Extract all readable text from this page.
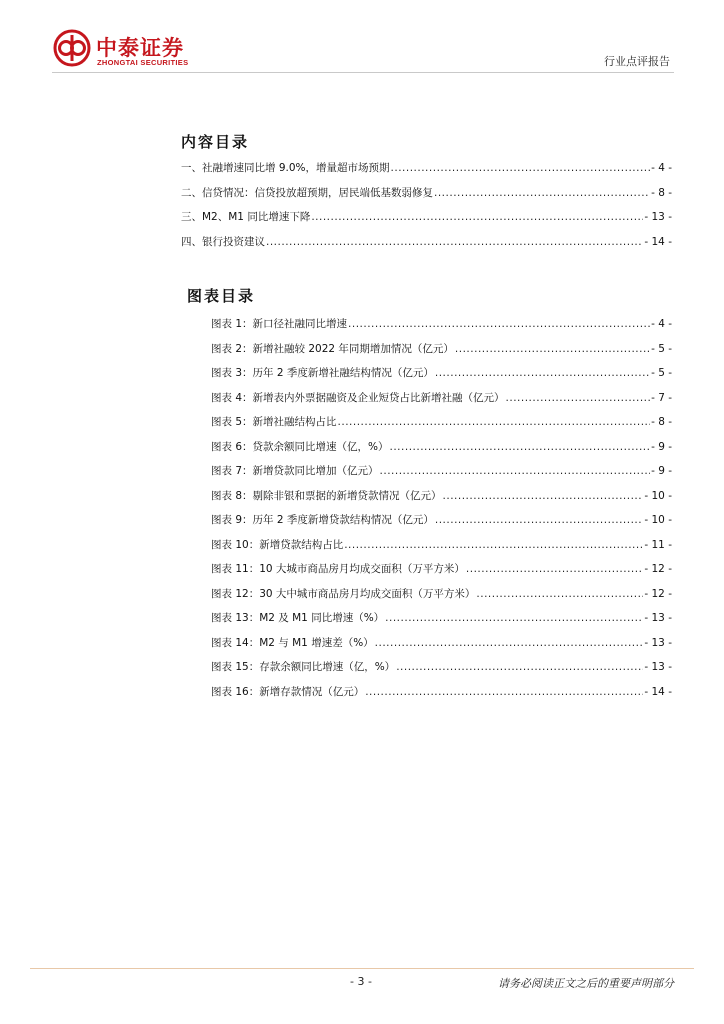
中泰证券
ZHONGTAI SECURITIES	行业点评报告
内容目录
一、社融增速同比增 9.0%，增量超市场预期 .....	- 4 -
二、信贷情况：信贷投放超预期，居民端低基数弱修复 .....	- 8 -
三、M2、M1 同比增速下降 .....	- 13 -
四、银行投资建议 .....	- 14 -
图表目录
图表 1：新口径社融同比增速 .....	- 4 -
图表 2：新增社融较 2022 年同期增加情况（亿元） .....	- 5 -
图表 3：历年 2 季度新增社融结构情况（亿元） .....	- 5 -
图表 4：新增表内外票据融资及企业短贷占比新增社融（亿元） .....	- 7 -
图表 5：新增社融结构占比 .....	- 8 -
图表 6：贷款余额同比增速（亿，%） .....	- 9 -
图表 7：新增贷款同比增加（亿元） .....	- 9 -
图表 8：剔除非银和票据的新增贷款情况（亿元） .....	- 10 -
图表 9：历年 2 季度新增贷款结构情况（亿元） .....	- 10 -
图表 10：新增贷款结构占比 .....	- 11 -
图表 11：10 大城市商品房月均成交面积（万平方米） .....	- 12 -
图表 12：30 大中城市商品房月均成交面积（万平方米） .....	- 12 -
图表 13：M2 及 M1 同比增速（%） .....	- 13 -
图表 14：M2 与 M1 增速差（%） .....	- 13 -
图表 15：存款余额同比增速（亿，%） .....	- 13 -
图表 16：新增存款情况（亿元） .....	- 14 -
- 3 -	请务必阅读正文之后的重要声明部分
